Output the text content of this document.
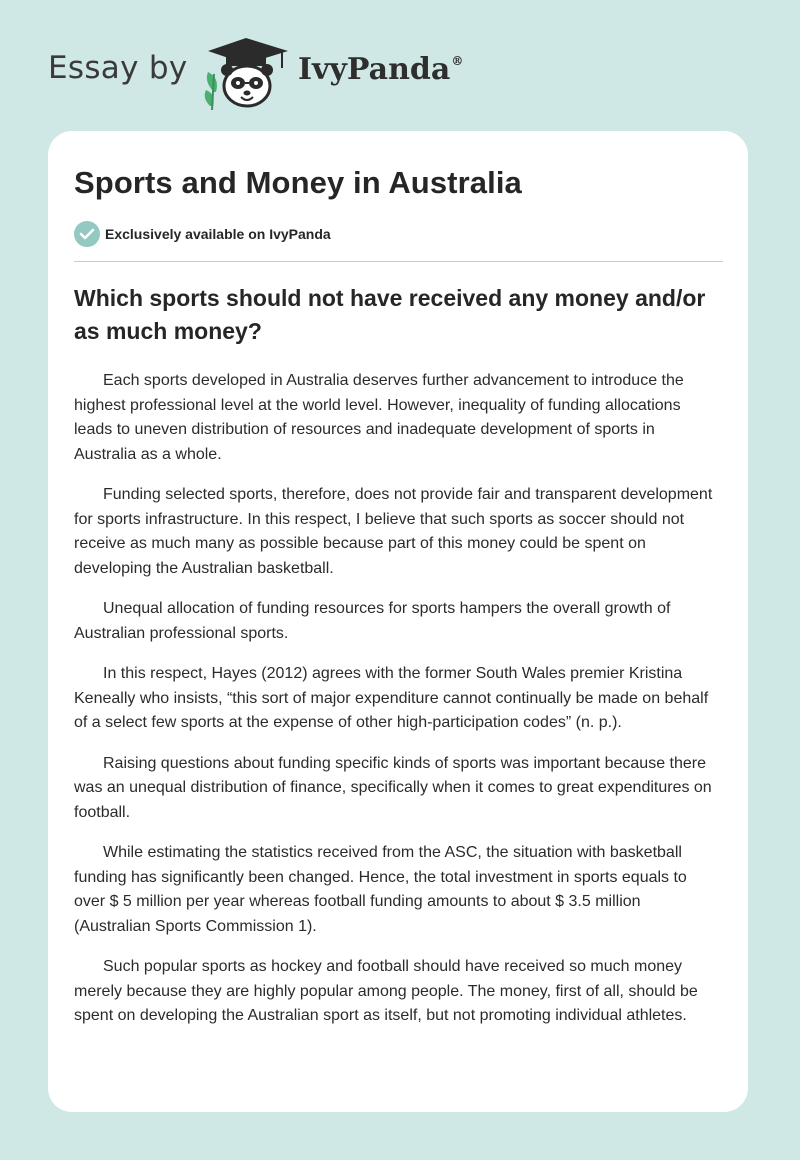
Essay by	IvyPanda®
Sports and Money in Australia
Exclusively available on IvyPanda
Which sports should not have received any money and/or as much money?

Each sports developed in Australia deserves further advancement to introduce the highest professional level at the world level. However, inequality of funding allocations leads to uneven distribution of resources and inadequate development of sports in Australia as a whole.

Funding selected sports, therefore, does not provide fair and transparent development for sports infrastructure. In this respect, I believe that such sports as soccer should not receive as much many as possible because part of this money could be spent on developing the Australian basketball.

Unequal allocation of funding resources for sports hampers the overall growth of Australian professional sports.

In this respect, Hayes (2012) agrees with the former South Wales premier Kristina Keneally who insists, “this sort of major expenditure cannot continually be made on behalf of a select few sports at the expense of other high-participation codes” (n. p.).

Raising questions about funding specific kinds of sports was important because there was an unequal distribution of finance, specifically when it comes to great expenditures on football.

While estimating the statistics received from the ASC, the situation with basketball funding has significantly been changed. Hence, the total investment in sports equals to over $ 5 million per year whereas football funding amounts to about $ 3.5 million (Australian Sports Commission 1).

Such popular sports as hockey and football should have received so much money merely because they are highly popular among people. The money, first of all, should be spent on developing the Australian sport as itself, but not promoting individual athletes.
